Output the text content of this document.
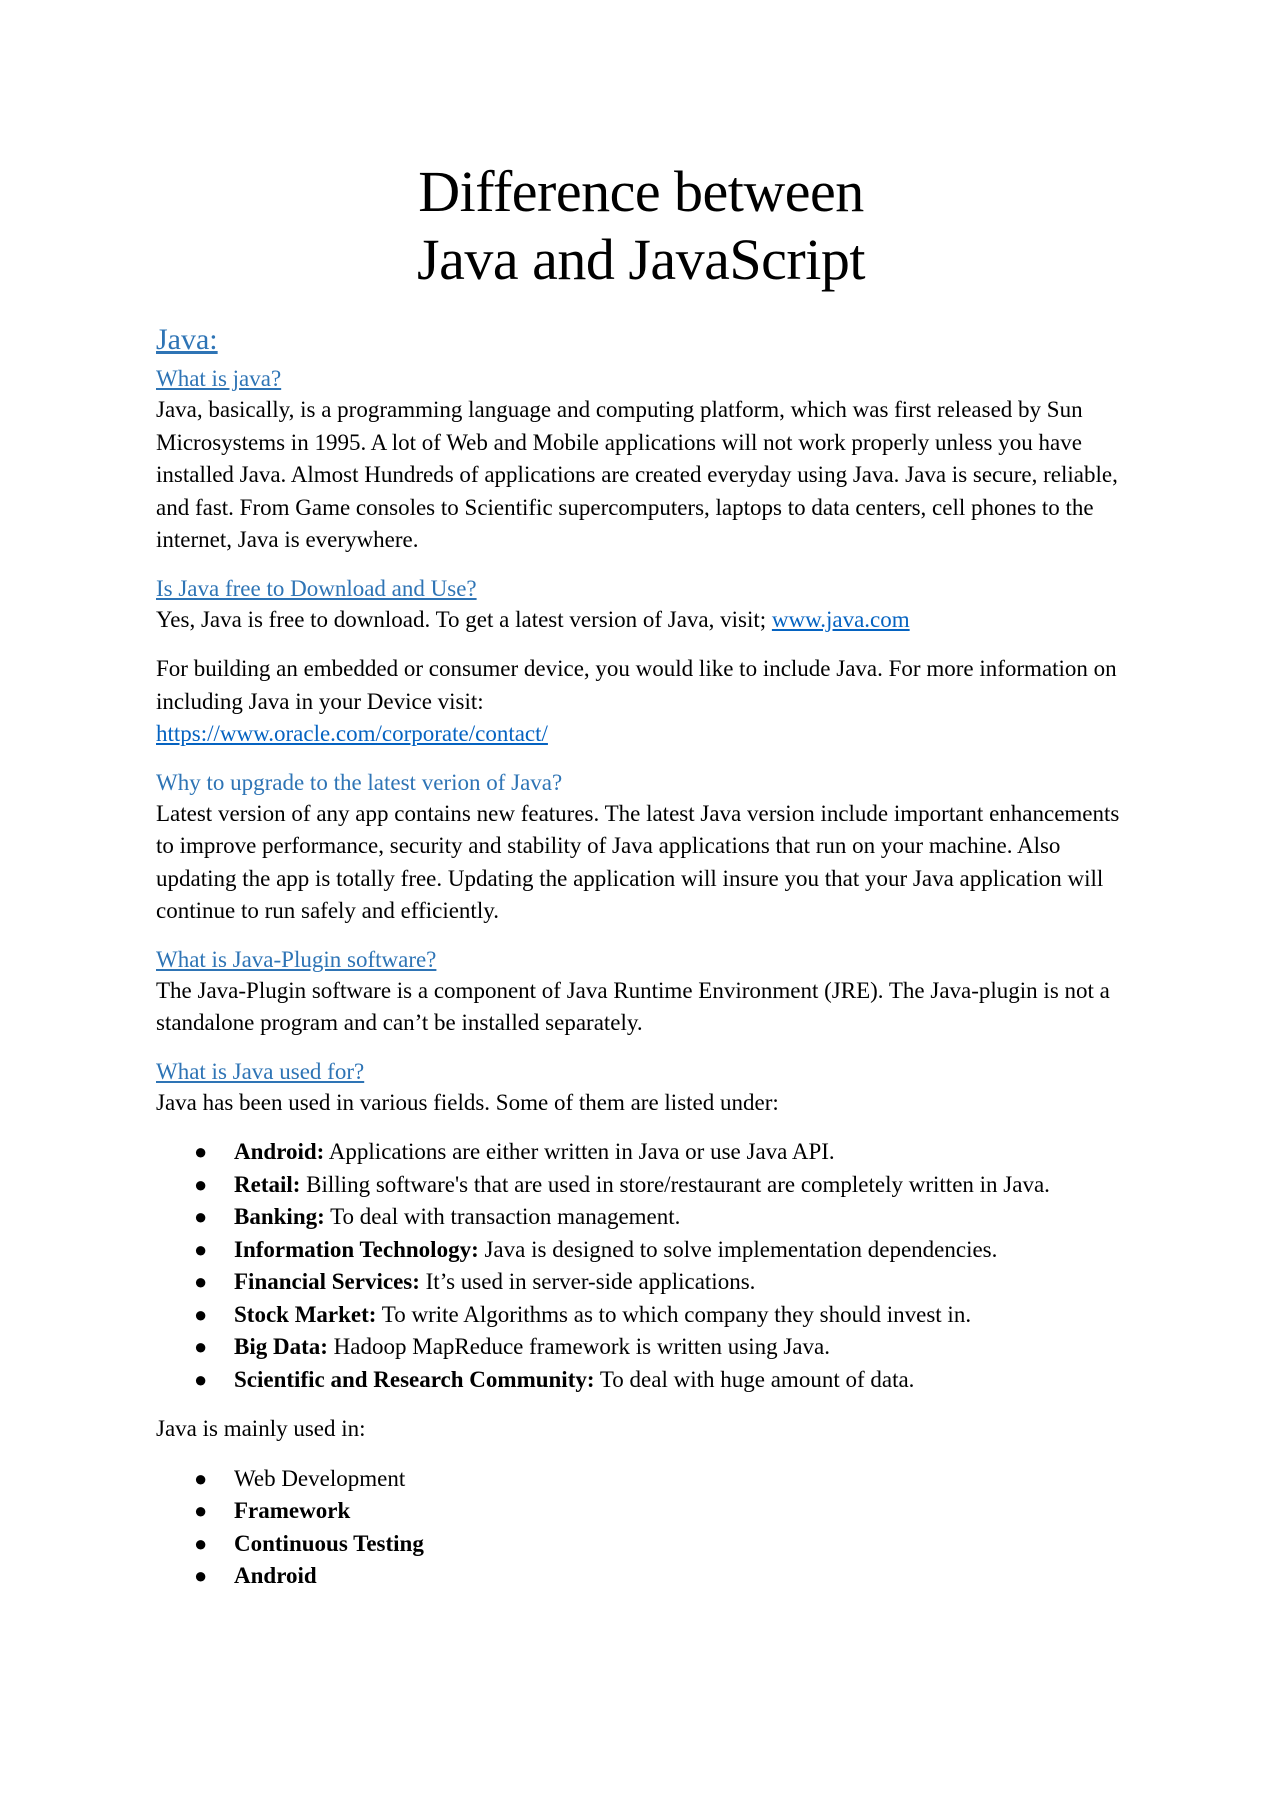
Difference between
Java and JavaScript
Java:
What is java?

Java, basically, is a programming language and computing platform, which was first released by Sun Microsystems in 1995. A lot of Web and Mobile applications will not work properly unless you have installed Java. Almost Hundreds of applications are created everyday using Java. Java is secure, reliable, and fast. From Game consoles to Scientific supercomputers, laptops to data centers, cell phones to the internet, Java is everywhere.

Is Java free to Download and Use?

Yes, Java is free to download. To get a latest version of Java, visit; www.java.com

For building an embedded or consumer device, you would like to include Java. For more information on including Java in your Device visit:
https://www.oracle.com/corporate/contact/

Why to upgrade to the latest verion of Java?

Latest version of any app contains new features. The latest Java version include important enhancements to improve performance, security and stability of Java applications that run on your machine. Also updating the app is totally free. Updating the application will insure you that your Java application will continue to run safely and efficiently.

What is Java-Plugin software?

The Java-Plugin software is a component of Java Runtime Environment (JRE). The Java-plugin is not a standalone program and can’t be installed separately.

What is Java used for?

Java has been used in various fields. Some of them are listed under:

● Android: Applications are either written in Java or use Java API.
● Retail: Billing software's that are used in store/restaurant are completely written in Java.
● Banking: To deal with transaction management.
● Information Technology: Java is designed to solve implementation dependencies.
● Financial Services: It’s used in server-side applications.
● Stock Market: To write Algorithms as to which company they should invest in.
● Big Data: Hadoop MapReduce framework is written using Java.
● Scientific and Research Community: To deal with huge amount of data.

Java is mainly used in:

● Web Development
● Framework
● Continuous Testing
● Android
